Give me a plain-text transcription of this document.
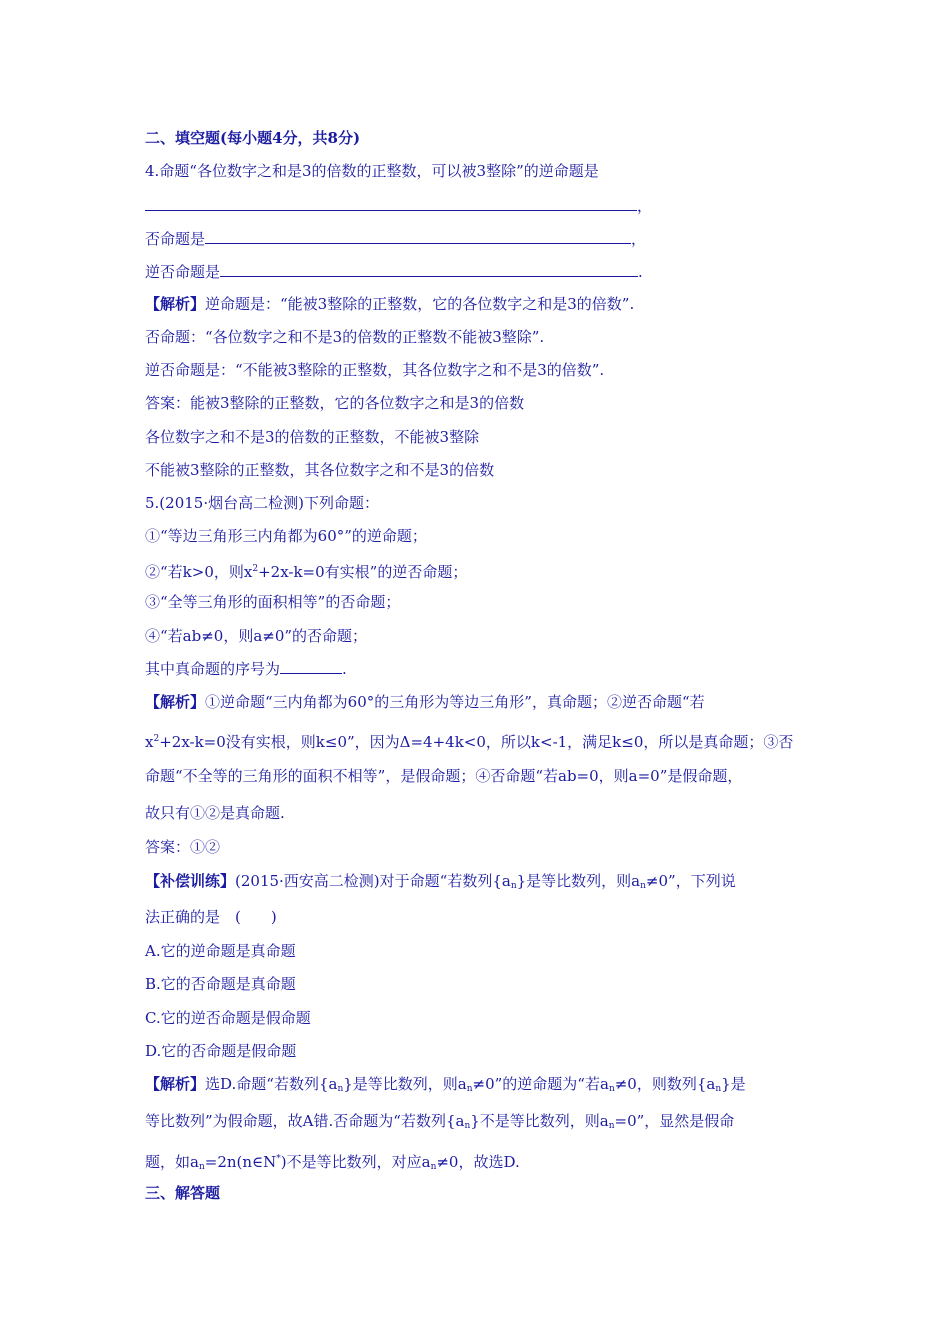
二、填空题(每小题4分，共8分)
4.命题“各位数字之和是3的倍数的正整数，可以被3整除”的逆命题是
，
否命题是	，
逆否命题是	.
【解析】逆命题是：“能被3整除的正整数，它的各位数字之和是3的倍数”.
否命题：“各位数字之和不是3的倍数的正整数不能被3整除”.
逆否命题是：“不能被3整除的正整数，其各位数字之和不是3的倍数”.
答案：能被3整除的正整数，它的各位数字之和是3的倍数
各位数字之和不是3的倍数的正整数，不能被3整除
不能被3整除的正整数，其各位数字之和不是3的倍数
5.(2015·烟台高二检测)下列命题：
①“等边三角形三内角都为60°”的逆命题；
②“若k>0，则$x^2+2x-k=0$有实根”的逆否命题；
③“全等三角形的面积相等”的否命题；
④“若ab≠0，则a≠0”的否命题；
其中真命题的序号为	.
【解析】①逆命题“三内角都为60°的三角形为等边三角形”，真命题；②逆否命题“若
$x^2+2x-k=0$没有实根，则k≤0”，因为Δ=4+4k<0，所以k<-1，满足k≤0，所以是真命题；③否
命题“不全等的三角形的面积不相等”，是假命题；④否命题“若ab=0，则a=0”是假命题，
故只有①②是真命题.
答案：①②
【补偿训练】(2015·西安高二检测)对于命题“若数列$\{a_n\}$是等比数列，则$a_n\ne 0$”，下列说
法正确的是　(　　)
A.它的逆命题是真命题
B.它的否命题是真命题
C.它的逆否命题是假命题
D.它的否命题是假命题
【解析】选D.命题“若数列$\{a_n\}$是等比数列，则$a_n\ne 0$”的逆命题为“若$a_n\ne 0$，则数列$\{a_n\}$是
等比数列”为假命题，故A错.否命题为“若数列$\{a_n\}$不是等比数列，则$a_n=0$”，显然是假命
题，如$a_n=2n(n\in N^*)$不是等比数列，对应$a_n\ne 0$，故选D.
三、解答题
